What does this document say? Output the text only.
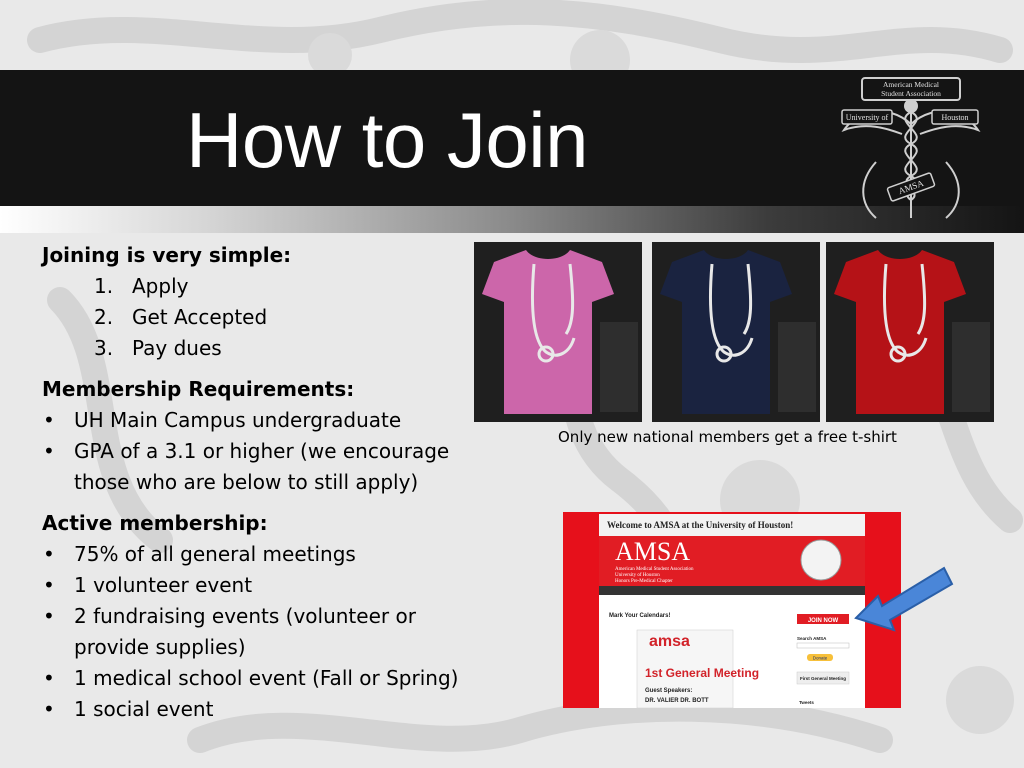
How to Join
American Medical
Student Association
University of	Houston
AMSA
Joining is very simple:
1. Apply
2. Get Accepted
3. Pay dues
Membership Requirements:
• UH Main Campus undergraduate
• GPA of a 3.1 or higher (we encourage those who are below to still apply)
Active membership:
• 75% of all general meetings
• 1 volunteer event
• 2 fundraising events (volunteer or provide supplies)
• 1 medical school event (Fall or Spring)
• 1 social event
Only new national members get a free t-shirt
Welcome to AMSA at the University of Houston!
AMSA
American Medical Student Association
University of Houston
Honors Pre-Medical Chapter
Mark Your Calendars!
amsa
1st General Meeting
Guest Speakers:
DR. VALIER DR. BOTT
JOIN NOW
Search AMSA
Donate
First General Meeting
Tweets
